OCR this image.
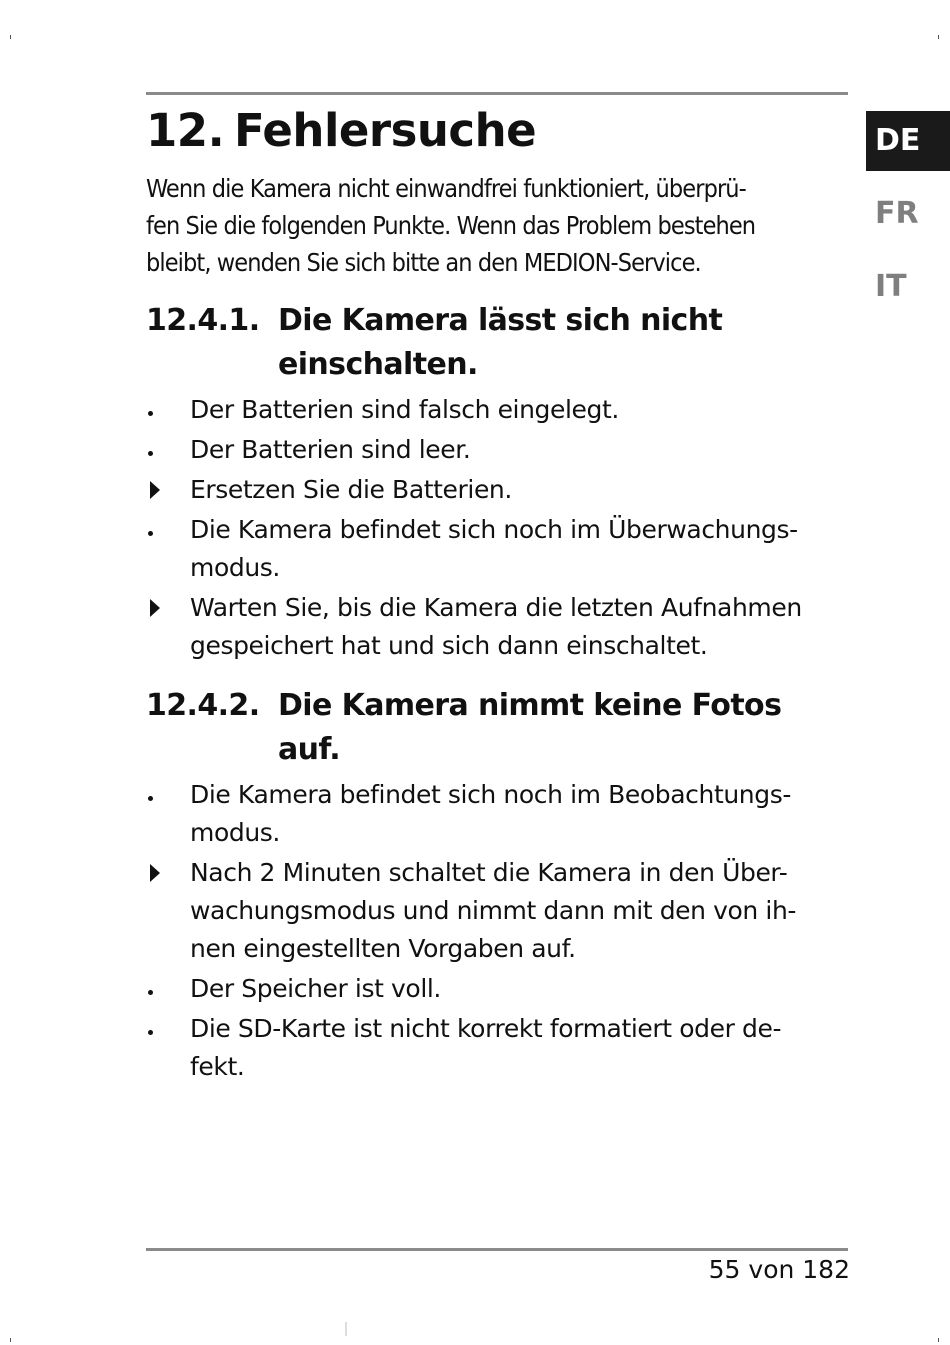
12. Fehlersuche

Wenn die Kamera nicht einwandfrei funktioniert, überprü-
fen Sie die folgenden Punkte. Wenn das Problem bestehen
bleibt, wenden Sie sich bitte an den MEDION-Service.

12.4.1. Die Kamera lässt sich nicht
einschalten.
Der Batterien sind falsch eingelegt.
Der Batterien sind leer.
Ersetzen Sie die Batterien.
Die Kamera befindet sich noch im Überwachungs-
modus.
Warten Sie, bis die Kamera die letzten Aufnahmen
gespeichert hat und sich dann einschaltet.
12.4.2. Die Kamera nimmt keine Fotos
auf.
Die Kamera befindet sich noch im Beobachtungs-
modus.
Nach 2 Minuten schaltet die Kamera in den Über-
wachungsmodus und nimmt dann mit den von ih-
nen eingestellten Vorgaben auf.
Der Speicher ist voll.
Die SD-Karte ist nicht korrekt formatiert oder de-
fekt.
DE
FR
IT
55 von 182
